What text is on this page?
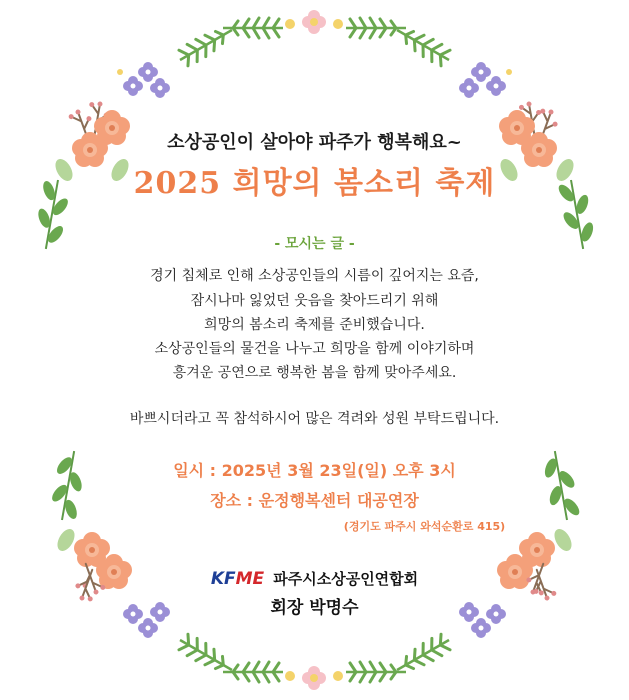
소상공인이 살아야 파주가 행복해요~
2025 희망의 봄소리 축제
- 모시는 글 -
경기 침체로 인해 소상공인들의 시름이 깊어지는 요즘,
잠시나마 잃었던 웃음을 찾아드리기 위해
희망의 봄소리 축제를 준비했습니다.
소상공인들의 물건을 나누고 희망을 함께 이야기하며
흥겨운 공연으로 행복한 봄을 함께 맞아주세요.
바쁘시더라고 꼭 참석하시어 많은 격려와 성원 부탁드립니다.
일시 : 2025년 3월 23일(일) 오후 3시
장소 : 운정행복센터 대공연장
(경기도 파주시 와석순환로 415)
KFME 파주시소상공인연합회
회장 박명수
